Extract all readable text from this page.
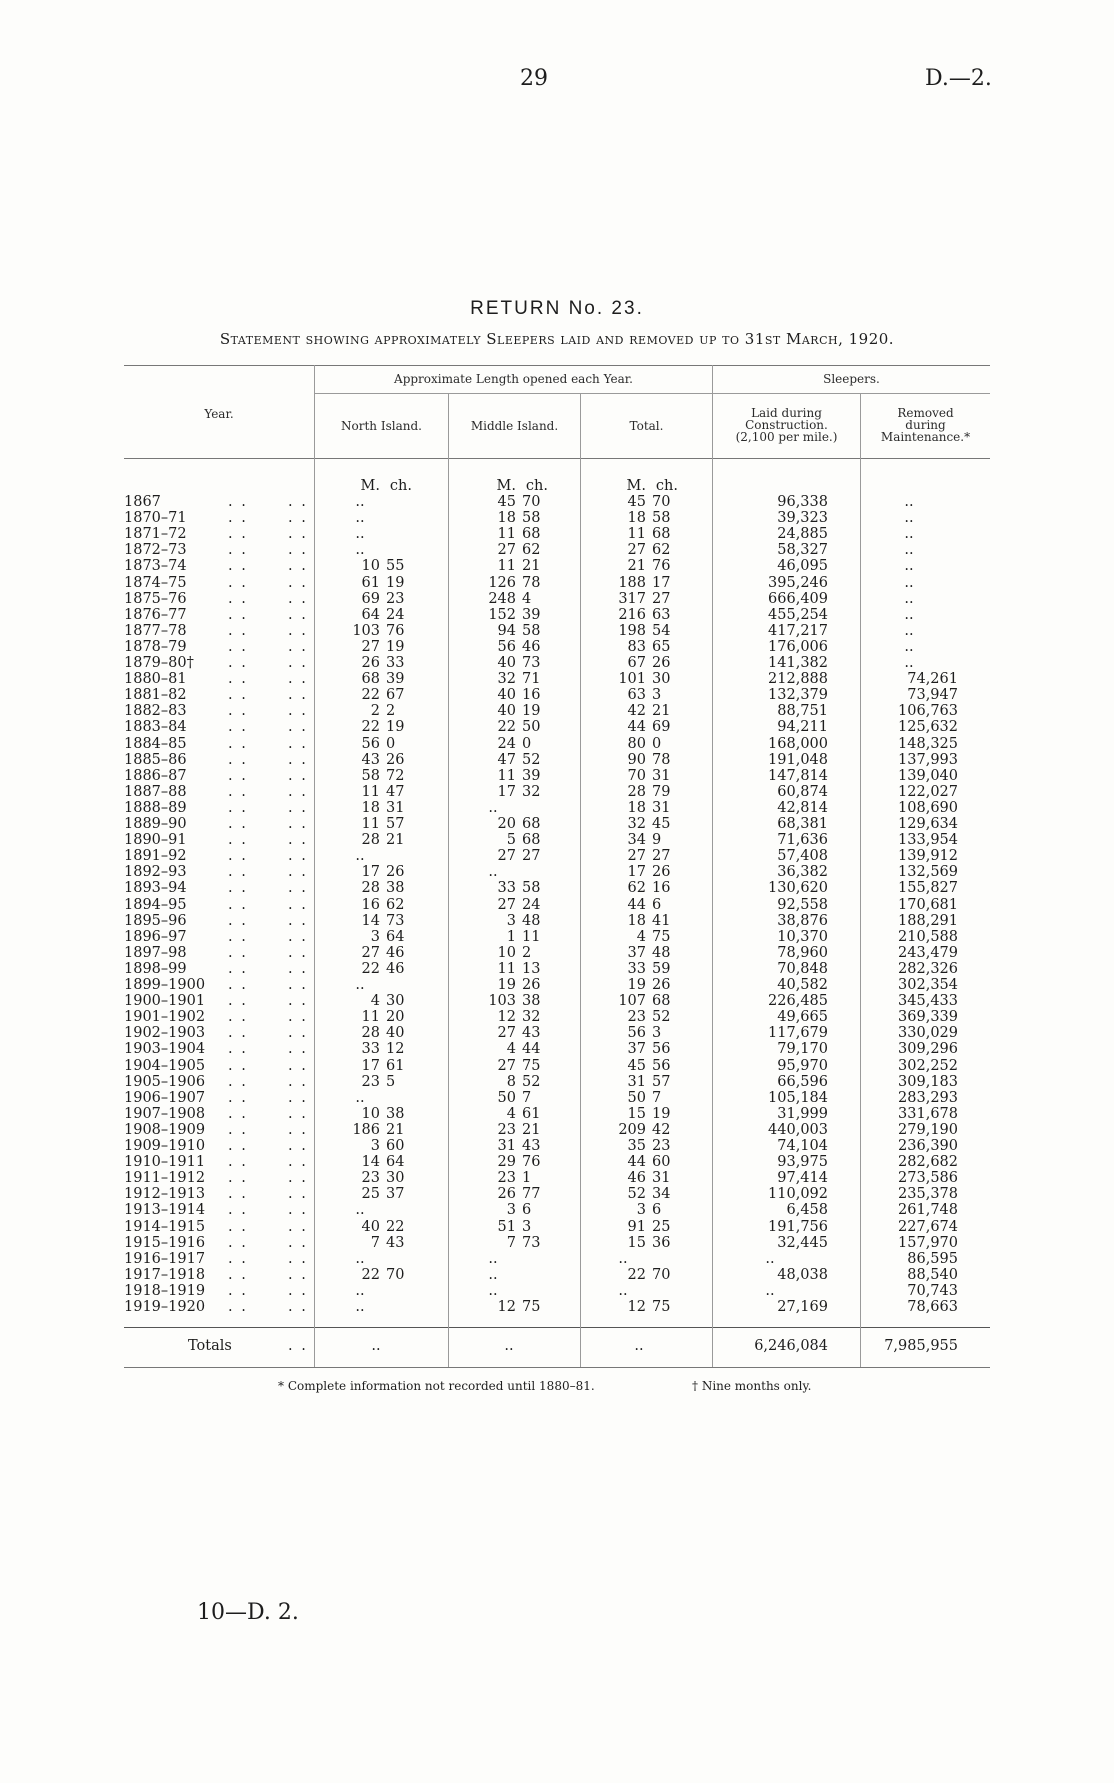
29	D.—2.
RETURN No. 23.
Statement showing approximately Sleepers laid and removed up to 31st March, 1920.
Year.
Approximate Length opened each Year.	Sleepers.
North Island.	Middle Island.	Total.
Laid during
Construction.
(2,100 per mile.)
Removed
during
Maintenance.*
M. ch.	M. ch.	M. ch.
1867	. .	. .	..	45 70	45 70	96,338	..
1870–71	. .	. .	..	18 58	18 58	39,323	..
1871–72	. .	. .	..	11 68	11 68	24,885	..
1872–73	. .	. .	..	27 62	27 62	58,327	..
1873–74	. .	. .	10 55	11 21	21 76	46,095	..
1874–75	. .	. .	61 19	126 78	188 17	395,246	..
1875–76	. .	. .	69 23	248 4	317 27	666,409	..
1876–77	. .	. .	64 24	152 39	216 63	455,254	..
1877–78	. .	. .	103 76	94 58	198 54	417,217	..
1878–79	. .	. .	27 19	56 46	83 65	176,006	..
1879–80† . .	. .	26 33	40 73	67 26	141,382	..
1880–81	. .	. .	68 39	32 71	101 30	212,888	74,261
1881–82	. .	. .	22 67	40 16	63 3	132,379	73,947
1882–83	. .	. .	2 2	40 19	42 21	88,751	106,763
1883–84	. .	. .	22 19	22 50	44 69	94,211	125,632
1884–85	. .	. .	56 0	24 0	80 0	168,000	148,325
1885–86	. .	. .	43 26	47 52	90 78	191,048	137,993
1886–87	. .	. .	58 72	11 39	70 31	147,814	139,040
1887–88	. .	. .	11 47	17 32	28 79	60,874	122,027
1888–89	. .	. .	18 31	..	18 31	42,814	108,690
1889–90	. .	. .	11 57	20 68	32 45	68,381	129,634
1890–91	. .	. .	28 21	5 68	34 9	71,636	133,954
1891–92	. .	. .	..	27 27	27 27	57,408	139,912
1892–93	. .	. .	17 26	..	17 26	36,382	132,569
1893–94	. .	. .	28 38	33 58	62 16	130,620	155,827
1894–95	. .	. .	16 62	27 24	44 6	92,558	170,681
1895–96	. .	. .	14 73	3 48	18 41	38,876	188,291
1896–97	. .	. .	3 64	1 11	4 75	10,370	210,588
1897–98	. .	. .	27 46	10 2	37 48	78,960	243,479
1898–99	. .	. .	22 46	11 13	33 59	70,848	282,326
1899–1900 . .	. .	..	19 26	19 26	40,582	302,354
1900–1901 . .	. .	4 30	103 38	107 68	226,485	345,433
1901–1902 . .	. .	11 20	12 32	23 52	49,665	369,339
1902–1903 . .	. .	28 40	27 43	56 3	117,679	330,029
1903–1904 . .	. .	33 12	4 44	37 56	79,170	309,296
1904–1905 . .	. .	17 61	27 75	45 56	95,970	302,252
1905–1906 . .	. .	23 5	8 52	31 57	66,596	309,183
1906–1907 . .	. .	..	50 7	50 7	105,184	283,293
1907–1908 . .	. .	10 38	4 61	15 19	31,999	331,678
1908–1909 . .	. .	186 21	23 21	209 42	440,003	279,190
1909–1910 . .	. .	3 60	31 43	35 23	74,104	236,390
1910–1911 . .	. .	14 64	29 76	44 60	93,975	282,682
1911–1912 . .	. .	23 30	23 1	46 31	97,414	273,586
1912–1913 . .	. .	25 37	26 77	52 34	110,092	235,378
1913–1914 . .	. .	..	3 6	3 6	6,458	261,748
1914–1915 . .	. .	40 22	51 3	91 25	191,756	227,674
1915–1916 . .	. .	7 43	7 73	15 36	32,445	157,970
1916–1917 . .	. .	..	..	..	..	86,595
1917–1918 . .	. .	22 70	..	22 70	48,038	88,540
1918–1919 . .	. .	..	..	..	..	70,743
1919–1920 . .	. .	..	12 75	12 75	27,169	78,663
Totals	. .	..	..	..	6,246,084	7,985,955
* Complete information not recorded until 1880–81.	† Nine months only.
10—D. 2.
